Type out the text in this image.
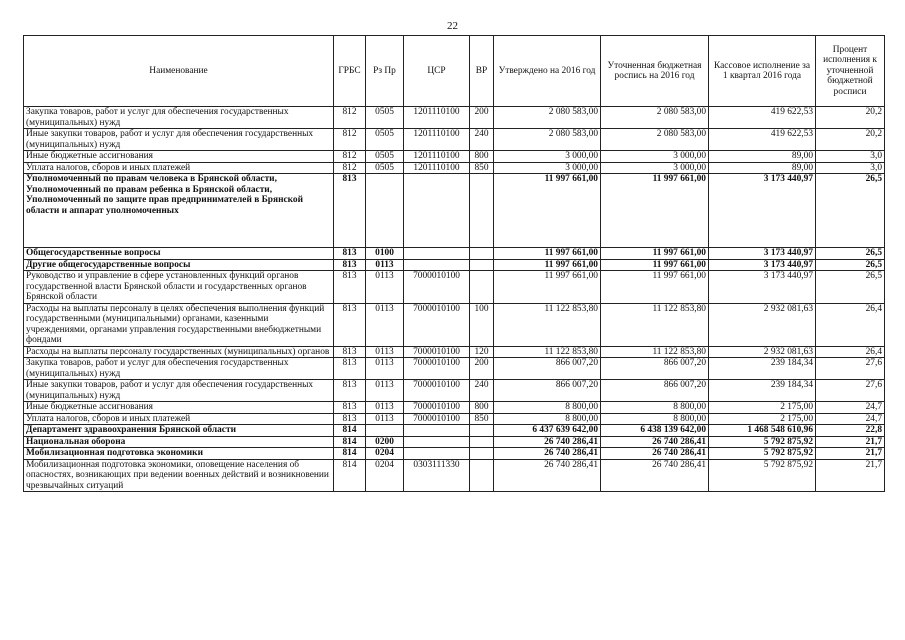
22
Наименование	ГРБС	Рз Пр	ЦСР	ВР	Утверждено на 2016 год	Уточненная бюджетная роспись на 2016 год	Кассовое исполнение за 1 квартал 2016 года	Процент исполнения к уточненной бюджетной росписи
Закупка товаров, работ и услуг для обеспечения государственных (муниципальных) нужд	812	0505	1201110100	200	2 080 583,00	2 080 583,00	419 622,53	20,2
Иные закупки товаров, работ и услуг для обеспечения государственных (муниципальных) нужд	812	0505	1201110100	240	2 080 583,00	2 080 583,00	419 622,53	20,2
Иные бюджетные ассигнования	812	0505	1201110100	800	3 000,00	3 000,00	89,00	3,0
Уплата налогов, сборов и иных платежей	812	0505	1201110100	850	3 000,00	3 000,00	89,00	3,0
Уполномоченный по правам человека в Брянской области, Уполномоченный по правам ребенка в Брянской области, Уполномоченный по защите прав предпринимателей в Брянской области и аппарат уполномоченных	813				11 997 661,00	11 997 661,00	3 173 440,97	26,5
Общегосударственные вопросы	813	0100			11 997 661,00	11 997 661,00	3 173 440,97	26,5
Другие общегосударственные вопросы	813	0113			11 997 661,00	11 997 661,00	3 173 440,97	26,5
Руководство и управление в сфере установленных функций органов государственной власти Брянской области и государственных органов Брянской области	813	0113	7000010100		11 997 661,00	11 997 661,00	3 173 440,97	26,5
Расходы на выплаты персоналу в целях обеспечения выполнения функций государственными (муниципальными) органами, казенными учреждениями, органами управления государственными внебюджетными фондами	813	0113	7000010100	100	11 122 853,80	11 122 853,80	2 932 081,63	26,4
Расходы на выплаты персоналу государственных (муниципальных) органов	813	0113	7000010100	120	11 122 853,80	11 122 853,80	2 932 081,63	26,4
Закупка товаров, работ и услуг для обеспечения государственных (муниципальных) нужд	813	0113	7000010100	200	866 007,20	866 007,20	239 184,34	27,6
Иные закупки товаров, работ и услуг для обеспечения государственных (муниципальных) нужд	813	0113	7000010100	240	866 007,20	866 007,20	239 184,34	27,6
Иные бюджетные ассигнования	813	0113	7000010100	800	8 800,00	8 800,00	2 175,00	24,7
Уплата налогов, сборов и иных платежей	813	0113	7000010100	850	8 800,00	8 800,00	2 175,00	24,7
Департамент здравоохранения Брянской области	814				6 437 639 642,00	6 438 139 642,00	1 468 548 610,96	22,8
Национальная оборона	814	0200			26 740 286,41	26 740 286,41	5 792 875,92	21,7
Мобилизационная подготовка экономики	814	0204			26 740 286,41	26 740 286,41	5 792 875,92	21,7
Мобилизационная подготовка экономики, оповещение населения об опасностях, возникающих при ведении военных действий и возникновении чрезвычайных ситуаций	814	0204	0303111330		26 740 286,41	26 740 286,41	5 792 875,92	21,7
